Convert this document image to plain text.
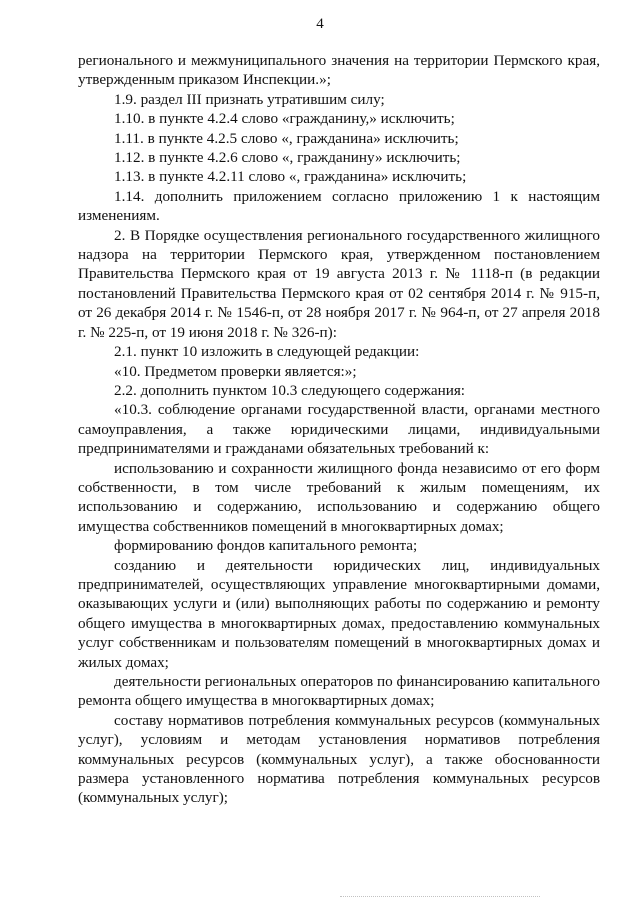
4

регионального и межмуниципального значения на территории Пермского края, утвержденным приказом Инспекции.»;

1.9. раздел III признать утратившим силу;

1.10. в пункте 4.2.4 слово «гражданину,» исключить;

1.11. в пункте 4.2.5 слово «, гражданина» исключить;

1.12. в пункте 4.2.6 слово «, гражданину» исключить;

1.13. в пункте 4.2.11 слово «, гражданина» исключить;

1.14. дополнить приложением согласно приложению 1 к настоящим изменениям.

2. В Порядке осуществления регионального государственного жилищного надзора на территории Пермского края, утвержденном постановлением Правительства Пермского края от 19 августа 2013 г. № 1118-п (в редакции постановлений Правительства Пермского края от 02 сентября 2014 г. № 915-п, от 26 декабря 2014 г. № 1546-п, от 28 ноября 2017 г. № 964-п, от 27 апреля 2018 г. № 225-п, от 19 июня 2018 г. № 326-п):

2.1. пункт 10 изложить в следующей редакции:

«10. Предметом проверки является:»;

2.2. дополнить пунктом 10.3 следующего содержания:

«10.3. соблюдение органами государственной власти, органами местного самоуправления, а также юридическими лицами, индивидуальными предпринимателями и гражданами обязательных требований к:

использованию и сохранности жилищного фонда независимо от его форм собственности, в том числе требований к жилым помещениям, их использованию и содержанию, использованию и содержанию общего имущества собственников помещений в многоквартирных домах;

формированию фондов капитального ремонта;

созданию и деятельности юридических лиц, индивидуальных предпринимателей, осуществляющих управление многоквартирными домами, оказывающих услуги и (или) выполняющих работы по содержанию и ремонту общего имущества в многоквартирных домах, предоставлению коммунальных услуг собственникам и пользователям помещений в многоквартирных домах и жилых домах;

деятельности региональных операторов по финансированию капитального ремонта общего имущества в многоквартирных домах;

составу нормативов потребления коммунальных ресурсов (коммунальных услуг), условиям и методам установления нормативов потребления коммунальных ресурсов (коммунальных услуг), а также обоснованности размера установленного норматива потребления коммунальных ресурсов (коммунальных услуг);
